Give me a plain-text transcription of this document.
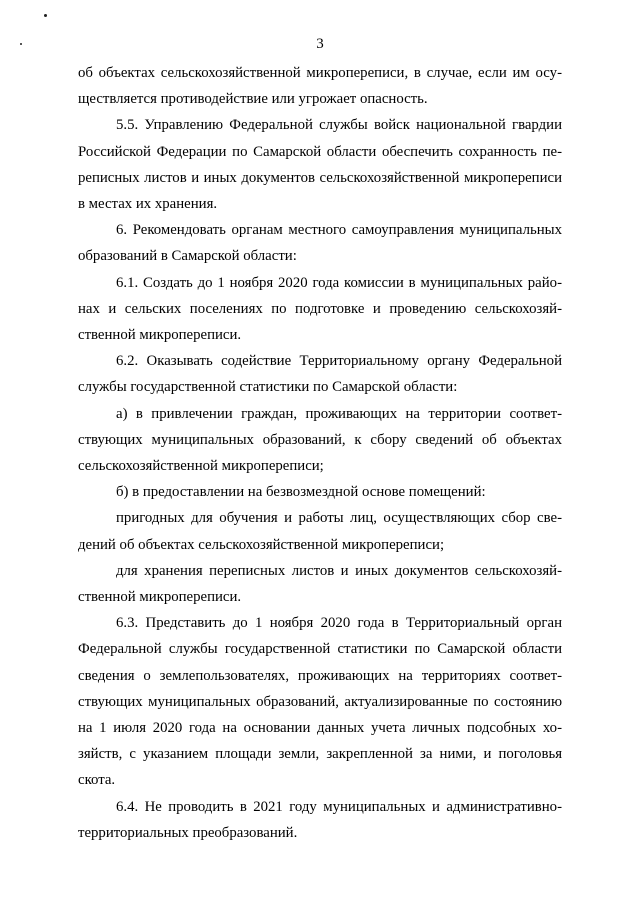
3

об объектах сельскохозяйственной микропереписи, в случае, если им осуществляется противодействие или угрожает опасность.

5.5. Управлению Федеральной службы войск национальной гвардии Российской Федерации по Самарской области обеспечить сохранность переписных листов и иных документов сельскохозяйственной микропереписи в местах их хранения.

6. Рекомендовать органам местного самоуправления муниципальных образований в Самарской области:

6.1. Создать до 1 ноября 2020 года комиссии в муниципальных районах и сельских поселениях по подготовке и проведению сельскохозяйственной микропереписи.

6.2. Оказывать содействие Территориальному органу Федеральной службы государственной статистики по Самарской области:

а) в привлечении граждан, проживающих на территории соответствующих муниципальных образований, к сбору сведений об объектах сельскохозяйственной микропереписи;

б) в предоставлении на безвозмездной основе помещений:

пригодных для обучения и работы лиц, осуществляющих сбор сведений об объектах сельскохозяйственной микропереписи;

для хранения переписных листов и иных документов сельскохозяйственной микропереписи.

6.3. Представить до 1 ноября 2020 года в Территориальный орган Федеральной службы государственной статистики по Самарской области сведения о землепользователях, проживающих на территориях соответствующих муниципальных образований, актуализированные по состоянию на 1 июля 2020 года на основании данных учета личных подсобных хозяйств, с указанием площади земли, закрепленной за ними, и поголовья скота.

6.4. Не проводить в 2021 году муниципальных и административно-территориальных преобразований.
